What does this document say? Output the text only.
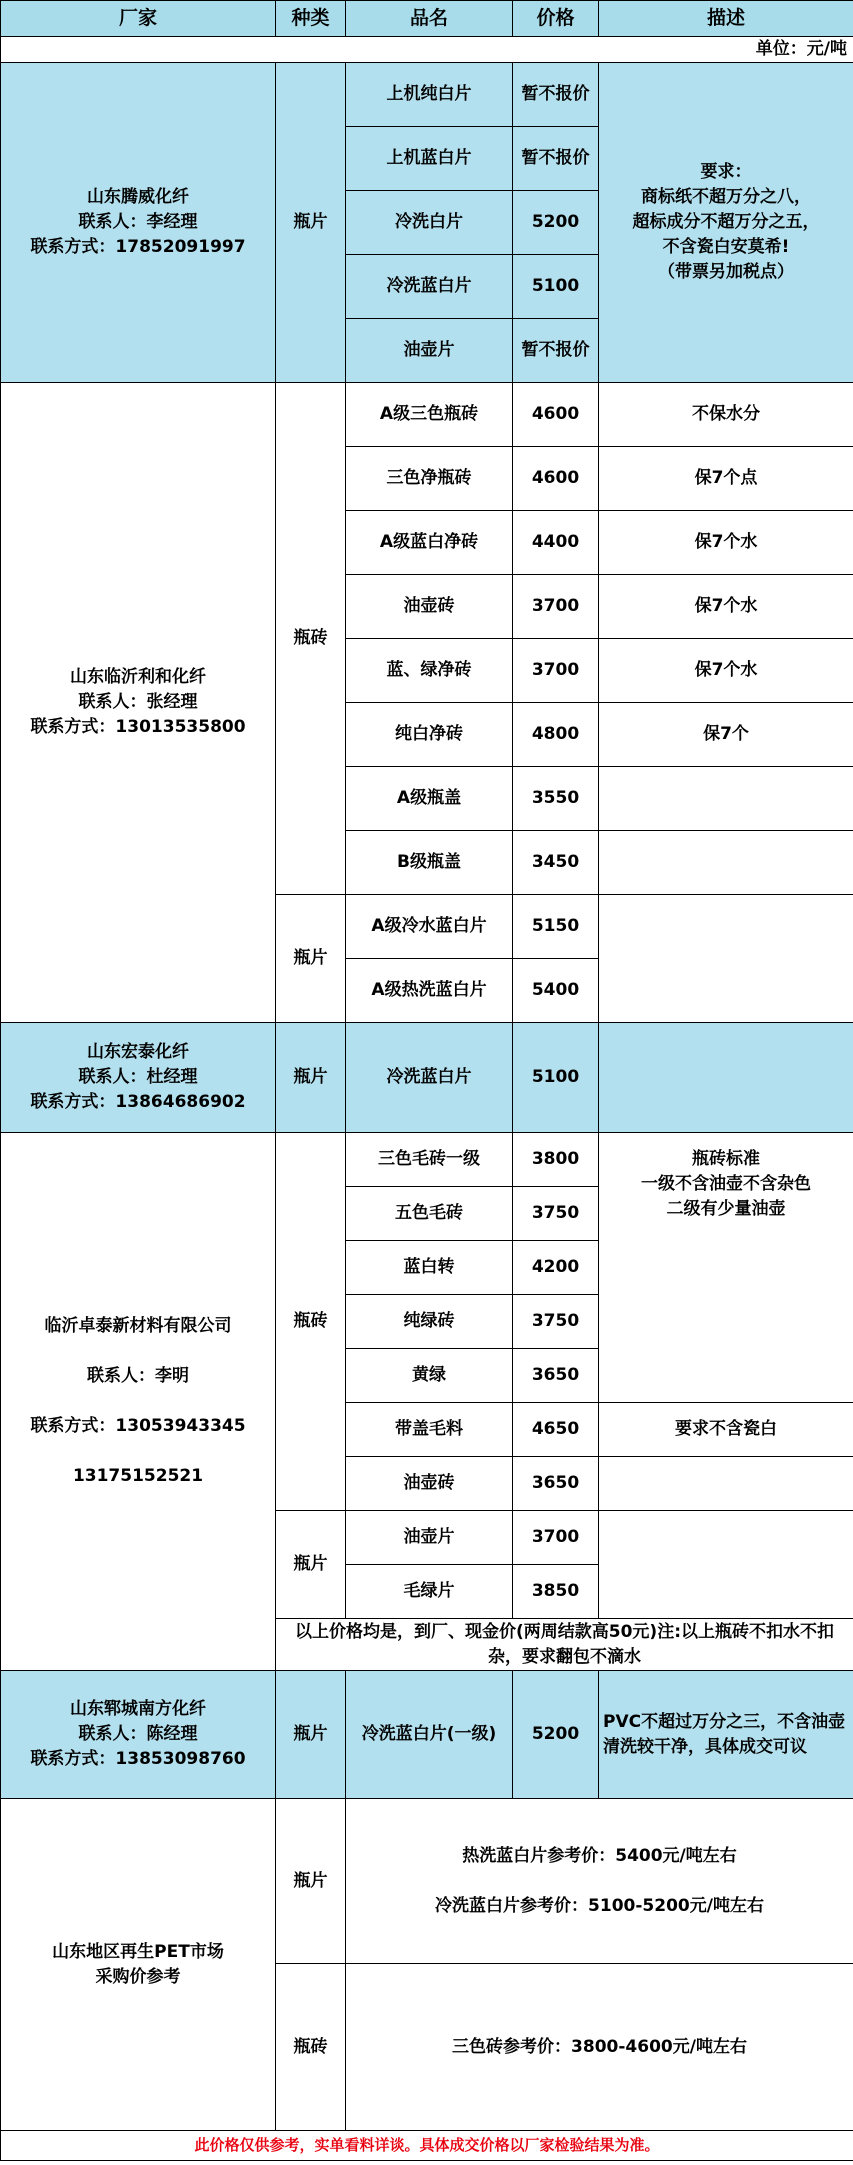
厂家	种类	品名	价格	描述
单位：元/吨				
山东腾威化纤
联系人：李经理
联系方式：17852091997	瓶片	上机纯白片	暂不报价	要求：
商标纸不超万分之八，
超标成分不超万分之五，
不含瓷白安莫希!
（带票另加税点）
		上机蓝白片	暂不报价	
		冷洗白片	5200	
		冷洗蓝白片	5100	
		油壶片	暂不报价	
山东临沂利和化纤
联系人：张经理
联系方式：13013535800	瓶砖	A级三色瓶砖	4600	不保水分
		三色净瓶砖	4600	保7个点
		A级蓝白净砖	4400	保7个水
		油壶砖	3700	保7个水
		蓝、绿净砖	3700	保7个水
		纯白净砖	4800	保7个
		A级瓶盖	3550	
		B级瓶盖	3450	
	瓶片	A级冷水蓝白片	5150	
		A级热洗蓝白片	5400	
山东宏泰化纤
联系人：杜经理
联系方式：13864686902	瓶片	冷洗蓝白片	5100	
临沂卓泰新材料有限公司

联系人：李明

联系方式：13053943345

13175152521	瓶砖	三色毛砖一级	3800	瓶砖标准
一级不含油壶不含杂色
二级有少量油壶
		五色毛砖	3750	
		蓝白转	4200	
		纯绿砖	3750	
		黄绿	3650	
		带盖毛料	4650	要求不含瓷白
		油壶砖	3650	
	瓶片	油壶片	3700	
		毛绿片	3850	
	以上价格均是，到厂、现金价(两周结款高50元)注:以上瓶砖不扣水不扣杂，要求翻包不滴水			
山东郓城南方化纤
联系人：陈经理
联系方式：13853098760	瓶片	冷洗蓝白片(一级)	5200	PVC不超过万分之三，不含油壶清洗较干净，具体成交可议
山东地区再生PET市场
采购价参考	瓶片	热洗蓝白片参考价：5400元/吨左右

冷洗蓝白片参考价：5100-5200元/吨左右		
	瓶砖	三色砖参考价：3800-4600元/吨左右		
此价格仅供参考，实单看料详谈。具体成交价格以厂家检验结果为准。				
